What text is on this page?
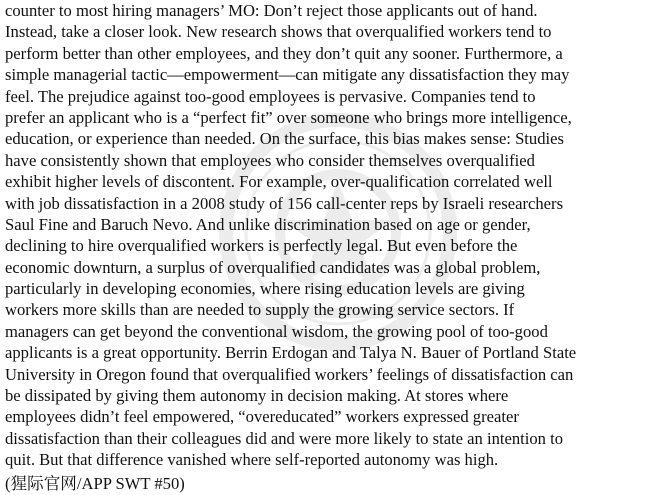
counter to most hiring managers’ MO: Don’t reject those applicants out of hand.
Instead, take a closer look. New research shows that overqualified workers tend to
perform better than other employees, and they don’t quit any sooner. Furthermore, a
simple managerial tactic—empowerment—can mitigate any dissatisfaction they may
feel. The prejudice against too-good employees is pervasive. Companies tend to
prefer an applicant who is a “perfect fit” over someone who brings more intelligence,
education, or experience than needed. On the surface, this bias makes sense: Studies
have consistently shown that employees who consider themselves overqualified
exhibit higher levels of discontent. For example, over-qualification correlated well
with job dissatisfaction in a 2008 study of 156 call-center reps by Israeli researchers
Saul Fine and Baruch Nevo. And unlike discrimination based on age or gender,
declining to hire overqualified workers is perfectly legal. But even before the
economic downturn, a surplus of overqualified candidates was a global problem,
particularly in developing economies, where rising education levels are giving
workers more skills than are needed to supply the growing service sectors. If
managers can get beyond the conventional wisdom, the growing pool of too-good
applicants is a great opportunity. Berrin Erdogan and Talya N. Bauer of Portland State
University in Oregon found that overqualified workers’ feelings of dissatisfaction can
be dissipated by giving them autonomy in decision making. At stores where
employees didn’t feel empowered, “overeducated” workers expressed greater
dissatisfaction than their colleagues did and were more likely to state an intention to
quit. But that difference vanished where self-reported autonomy was high.
(猩际官网/APP SWT #50)
